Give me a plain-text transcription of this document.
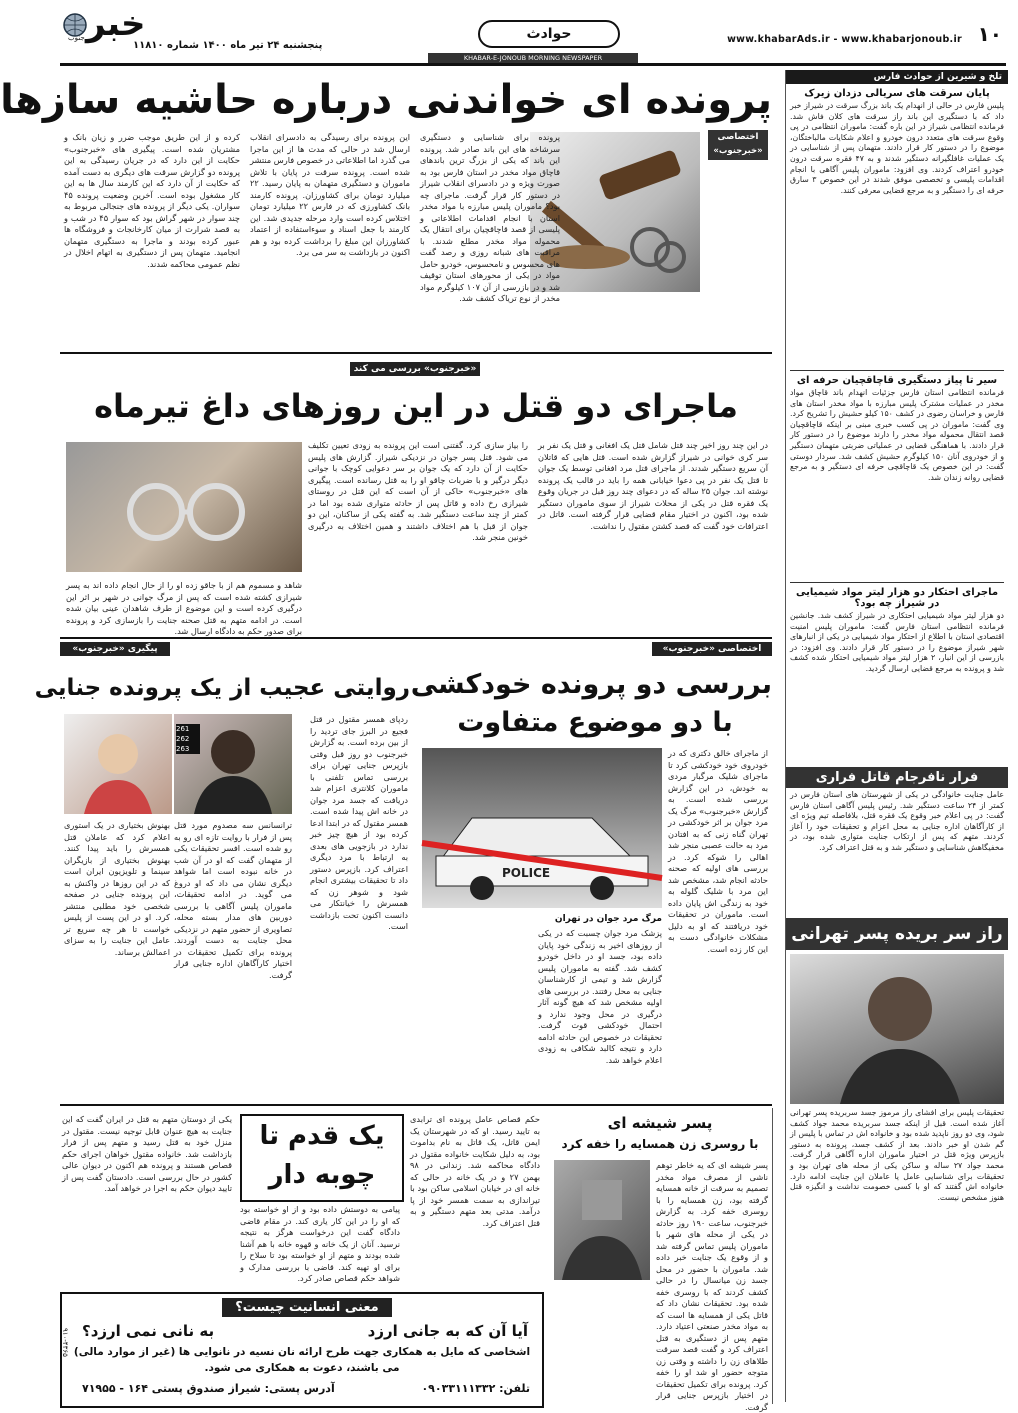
۱۰
www.khabarAds.ir - www.khabarjonoub.ir
حوادث
پنجشنبه ۲۴ تیر ماه ۱۴۰۰ شماره ۱۱۸۱۰
خبر
جنوب
KHABAR-E-JONOUB MORNING NEWSPAPER
تلخ و شیرین از حوادث فارس
پایان سرقت های سریالی دزدان زیرک
پلیس فارس در حالی از انهدام یک باند بزرگ سرقت در شیراز خبر داد که با دستگیری این باند راز سرقت های کلان فاش شد. فرمانده انتظامی شیراز در این باره گفت: ماموران انتظامی در پی وقوع سرقت های متعدد درون خودرو و اعلام شکایات مالباختگان، موضوع را در دستور کار قرار دادند. متهمان پس از شناسایی در یک عملیات غافلگیرانه دستگیر شدند و به ۴۷ فقره سرقت درون خودرو اعتراف کردند. وی افزود: ماموران پلیس آگاهی با انجام اقدامات پلیسی و تخصصی موفق شدند در این خصوص ۳ سارق حرفه ای را دستگیر و به مرجع قضایی معرفی کنند.
سیر تا پیاز دستگیری قاچاقچیان حرفه ای
فرمانده انتظامی استان فارس جزئیات انهدام باند قاچاق مواد مخدر در عملیات مشترک پلیس مبارزه با مواد مخدر استان های فارس و خراسان رضوی در کشف ۱۵۰ کیلو حشیش را تشریح کرد. وی گفت: ماموران در پی کسب خبری مبنی بر اینکه قاچاقچیان قصد انتقال محموله مواد مخدر را دارند موضوع را در دستور کار قرار دادند. با هماهنگی قضایی در عملیاتی ضربتی متهمان دستگیر و از خودروی آنان ۱۵۰ کیلوگرم حشیش کشف شد. سردار دوستی گفت: در این خصوص یک قاچاقچی حرفه ای دستگیر و به مرجع قضایی روانه زندان شد.
ماجرای احتکار دو هزار لیتر مواد شیمیایی در شیراز چه بود؟
دو هزار لیتر مواد شیمیایی احتکاری در شیراز کشف شد. جانشین فرمانده انتظامی استان فارس گفت: ماموران پلیس امنیت اقتصادی استان با اطلاع از احتکار مواد شیمیایی در یکی از انبارهای شهر شیراز موضوع را در دستور کار قرار دادند. وی افزود: در بازرسی از این انبار، ۲ هزار لیتر مواد شیمیایی احتکار شده کشف شد و پرونده به مرجع قضایی ارسال گردید.
فرار نافرجام قاتل فراری
عامل جنایت خانوادگی در یکی از شهرستان های استان فارس در کمتر از ۲۴ ساعت دستگیر شد. رئیس پلیس آگاهی استان فارس گفت: در پی اعلام خبر وقوع یک فقره قتل، بلافاصله تیم ویژه ای از کارآگاهان اداره جنایی به محل اعزام و تحقیقات خود را آغاز کردند. متهم که پس از ارتکاب جنایت متواری شده بود، در مخفیگاهش شناسایی و دستگیر شد و به قتل اعتراف کرد.
راز سر بریده پسر تهرانی
تحقیقات پلیس برای افشای راز مرموز جسد سربریده پسر تهرانی آغاز شده است. قبل از اینکه جسد سربریده محمد جواد کشف شود، وی دو روز ناپدید شده بود و خانواده اش در تماس با پلیس از گم شدن او خبر دادند. بعد از کشف جسد، پرونده به دستور بازپرس ویژه قتل در اختیار ماموران اداره آگاهی قرار گرفت. محمد جواد ۲۷ ساله و ساکن یکی از محله های تهران بود و تحقیقات برای شناسایی عامل یا عاملان این جنایت ادامه دارد. خانواده اش گفتند که او با کسی خصومت نداشت و انگیزه قتل هنوز مشخص نیست.
پرونده ای خواندنی درباره حاشیه سازها
اختصاصی «خبرجنوب»
پرونده برای شناسایی و دستگیری سرشاخه های این باند صادر شد. پرونده این باند که یکی از بزرگ ترین باندهای قاچاق مواد مخدر در استان فارس بود به صورت ویژه و در دادسرای انقلاب شیراز در دستور کار قرار گرفت. ماجرای چه بود؟ ماموران پلیس مبارزه با مواد مخدر استان با انجام اقدامات اطلاعاتی و پلیسی از قصد قاچاقچیان برای انتقال یک محموله مواد مخدر مطلع شدند. با مراقبت های شبانه روزی و رصد گفت های محسوس و نامحسوس، خودرو حامل مواد در یکی از محورهای استان توقیف شد و در بازرسی از آن ۱۰۷ کیلوگرم مواد مخدر از نوع تریاک کشف شد.
این پرونده برای رسیدگی به دادسرای انقلاب ارسال شد در حالی که مدت ها از این ماجرا می گذرد اما اطلاعاتی در خصوص فارس منتشر شده است. پرونده سرقت در پایان با تلاش ماموران و دستگیری متهمان به پایان رسید. ۲۲ میلیارد تومان برای کشاورزان. پرونده کارمند بانک کشاورزی که در فارس ۲۲ میلیارد تومان اختلاس کرده است وارد مرحله جدیدی شد. این کارمند با جعل اسناد و سوءاستفاده از اعتماد کشاورزان این مبلغ را برداشت کرده بود و هم اکنون در بازداشت به سر می برد.
کرده و از این طریق موجب ضرر و زیان بانک و مشتریان شده است. پیگیری های «خبرجنوب» حکایت از این دارد که در جریان رسیدگی به این پرونده دو گزارش سرقت های دیگری به دست آمده که حکایت از آن دارد که این کارمند سال ها به این کار مشغول بوده است. آخرین وضعیت پرونده ۴۵ سواران. یکی دیگر از پرونده های جنجالی مربوط به چند سوار در شهر گراش بود که سوار ۴۵ در شب و به قصد شرارت از میان کارخانجات و فروشگاه ها عبور کرده بودند و ماجرا به دستگیری متهمان انجامید. متهمان پس از دستگیری به اتهام اخلال در نظم عمومی محاکمه شدند.
«خبرجنوب» بررسی می کند
ماجرای دو قتل در این روزهای داغ تیرماه
در این چند روز اخیر چند قتل شامل قتل یک افغانی و قتل یک نفر بر سر کری خوانی در شیراز گزارش شده است. قتل هایی که قاتلان آن سریع دستگیر شدند. از ماجرای قتل مرد افغانی توسط یک جوان تا قتل یک نفر در پی دعوا خیابانی همه را باید در قالب یک پرونده نوشته اند. جوان ۲۵ ساله که در دعوای چند روز قبل در جریان وقوع یک فقره قتل در یکی از محلات شیراز از سوی ماموران دستگیر شده بود، اکنون در اختیار مقام قضایی قرار گرفته است. قاتل در اعترافات خود گفت که قصد کشتن مقتول را نداشت.
را بیاز سازی کرد. گفتنی است این پرونده به زودی تعیین تکلیف می شود. قتل پسر جوان در نزدیکی شیراز. گزارش های پلیس حکایت از آن دارد که یک جوان بر سر دعوایی کوچک با جوانی دیگر درگیر و با ضربات چاقو او را به قتل رسانده است. پیگیری های «خبرجنوب» حاکی از آن است که این قتل در روستای شیرازی رخ داده و قاتل پس از حادثه متواری شده بود اما در کمتر از چند ساعت دستگیر شد. به گفته یکی از ساکنان، این دو جوان از قبل با هم اختلاف داشتند و همین اختلاف به درگیری خونین منجر شد.
شاهد و مسموم هم از با جاقو زده او را از حال انجام داده اند به پسر شیرازی کشته شده است که پس از مرگ جوانی در شهر بر اثر این درگیری کرده است و این موضوع از طرف شاهدان عینی بیان شده است. در ادامه متهم به قتل صحنه جنایت را بازسازی کرد و پرونده برای صدور حکم به دادگاه ارسال شد.
اختصاصی «خبرجنوب»
بررسی دو پرونده خودکشی
با دو موضوع متفاوت
از ماجرای خالق دکتری که در خودروی خود خودکشی کرد تا ماجرای شلیک مرگبار مردی به خودش، در این گزارش بررسی شده است. به گزارش «خبرجنوب» مرگ یک مرد جوان بر اثر خودکشی در تهران گناه زنی که به افتادن مرد به حالت عصبی منجر شد اهالی را شوکه کرد. در بررسی های اولیه که صحنه حادثه انجام شد، مشخص شد این مرد با شلیک گلوله به خود به زندگی اش پایان داده است. ماموران در تحقیقات خود دریافتند که او به دلیل مشکلات خانوادگی دست به این کار زده است.
POLICE
مرگ مرد جوان در تهران
پزشک مرد جوان چسبت که در یکی از روزهای اخیر به زندگی خود پایان داده بود، جسد او در داخل خودرو کشف شد. گفته به ماموران پلیس گزارش شد و تیمی از کارشناسان جنایی به محل رفتند. در بررسی های اولیه مشخص شد که هیچ گونه آثار درگیری در محل وجود ندارد و احتمال خودکشی قوت گرفت. تحقیقات در خصوص این حادثه ادامه دارد و نتیجه کالبد شکافی به زودی اعلام خواهد شد.
پیگیری «خبرجنوب»
روایتی عجیب از یک پرونده جنایی
ردپای همسر مقتول در قتل فجیع در البرز جای تردید را از بین برده است. به گزارش خبرجنوب دو روز قبل وقتی بازپرس جنایی تهران برای بررسی تماس تلفنی با ماموران کلانتری اعزام شد دریافت که جسد مرد جوان در خانه اش پیدا شده است. همسر مقتول که در ابتدا ادعا کرده بود از هیچ چیز خبر ندارد در بازجویی های بعدی به ارتباط با مرد دیگری اعتراف کرد. بازپرس دستور داد تا تحقیقات بیشتری انجام شود و شوهر زن که همسرش را خیانتکار می دانست اکنون تحت بازداشت است.
261 262 263
ترانسانس سه مصدوم مورد قتل پس از فرار با روایت تازه ای رو به رو شده است. افسر تحقیقات یکی از متهمان گفت که او در آن شب در خانه نبوده است اما شواهد دیگری نشان می داد که او دروغ می گوید. در ادامه تحقیقات، ماموران پلیس آگاهی با بررسی دوربین های مدار بسته محله، تصاویری از حضور متهم در نزدیکی محل جنایت به دست آوردند. پرونده برای تکمیل تحقیقات در اختیار کارآگاهان اداره جنایی قرار گرفت.
بهنوش بختیاری در یک استوری اعلام کرد که عاملان قتل همسرش را باید پیدا کنند. بهنوش بختیاری از بازیگران سینما و تلویزیون ایران است که در این روزها در واکنش به این پرونده جنایی در صفحه شخصی خود مطلبی منتشر کرد. او در این پست از پلیس خواست تا هر چه سریع تر عامل این جنایت را به سزای اعمالش برساند.
یک قدم تا
چوبه دار
حکم قصاص عامل پرونده ای ترابدی به تایید رسید. او که در شهرستان یک ایمن قاتل، یک قاتل به نام بداموت بود، به دلیل شکایت خانواده مقتول در دادگاه محاکمه شد. زندانی در ۹۸ بهمن ۲۷ و در یک خانه در حالی که خانه ای در خیابان اسلامی ساکن بود با تیراندازی به سمت همسر خود از پا درآمد. مدتی بعد متهم دستگیر و به قتل اعتراف کرد.
یکی از دوستان متهم به قتل در ایران گفت که این جنایت به هیچ عنوان قابل توجیه نیست. مقتول در منزل خود به قتل رسید و متهم پس از فرار بازداشت شد. خانواده مقتول خواهان اجرای حکم قصاص هستند و پرونده هم اکنون در دیوان عالی کشور در حال بررسی است. دادستان گفت پس از تایید دیوان حکم به اجرا در خواهد آمد.
پیامی به دوستش داده بود و از او خواسته بود که او را در این کار یاری کند. در مقام قاضی دادگاه گفت این درخواست هرگز به نتیجه نرسید. آنان از یک خانه و قهوه خانه با هم آشنا شده بودند و متهم از او خواسته بود تا سلاح را برای او تهیه کند. قاضی با بررسی مدارک و شواهد حکم قصاص صادر کرد.
پسر شیشه ای
با روسری زن همسایه را خفه کرد
پسر شیشه ای که یه خاطر توهم ناشی از مصرف مواد مخدر تصمیم به سرقت از خانه همسایه گرفته بود، زن همسایه را با روسری خفه کرد. به گزارش خبرجنوب، ساعت ۱۹۰ روز حادثه در یکی از محله های شهر با ماموران پلیس تماس گرفته شد و از وقوع یک جنایت خبر داده شد. ماموران با حضور در محل جسد زن میانسال را در حالی کشف کردند که با روسری خفه شده بود. تحقیقات نشان داد که قاتل یکی از همسایه ها است که به مواد مخدر صنعتی اعتیاد دارد. متهم پس از دستگیری به قتل اعتراف کرد و گفت قصد سرقت طلاهای زن را داشته و وقتی زن متوجه حضور او شد او را خفه کرد. پرونده برای تکمیل تحقیقات در اختیار بازپرس جنایی قرار گرفت.
معنی انسانیت چیست؟
آیا آن که به جانی ارزد
به نانی نمی ارزد؟
اشخاصی که مایل به همکاری جهت طرح ارائه نان نسیه در نانوایی ها (غیر از موارد مالی)
می باشند، دعوت به همکاری می شود.
تلفن: ۰۹۰۳۳۱۱۱۳۳۲
آدرس پستی: شیراز صندوق پستی ۱۶۴ - ۷۱۹۵۵
۹۱۰-۴۳۶۵
